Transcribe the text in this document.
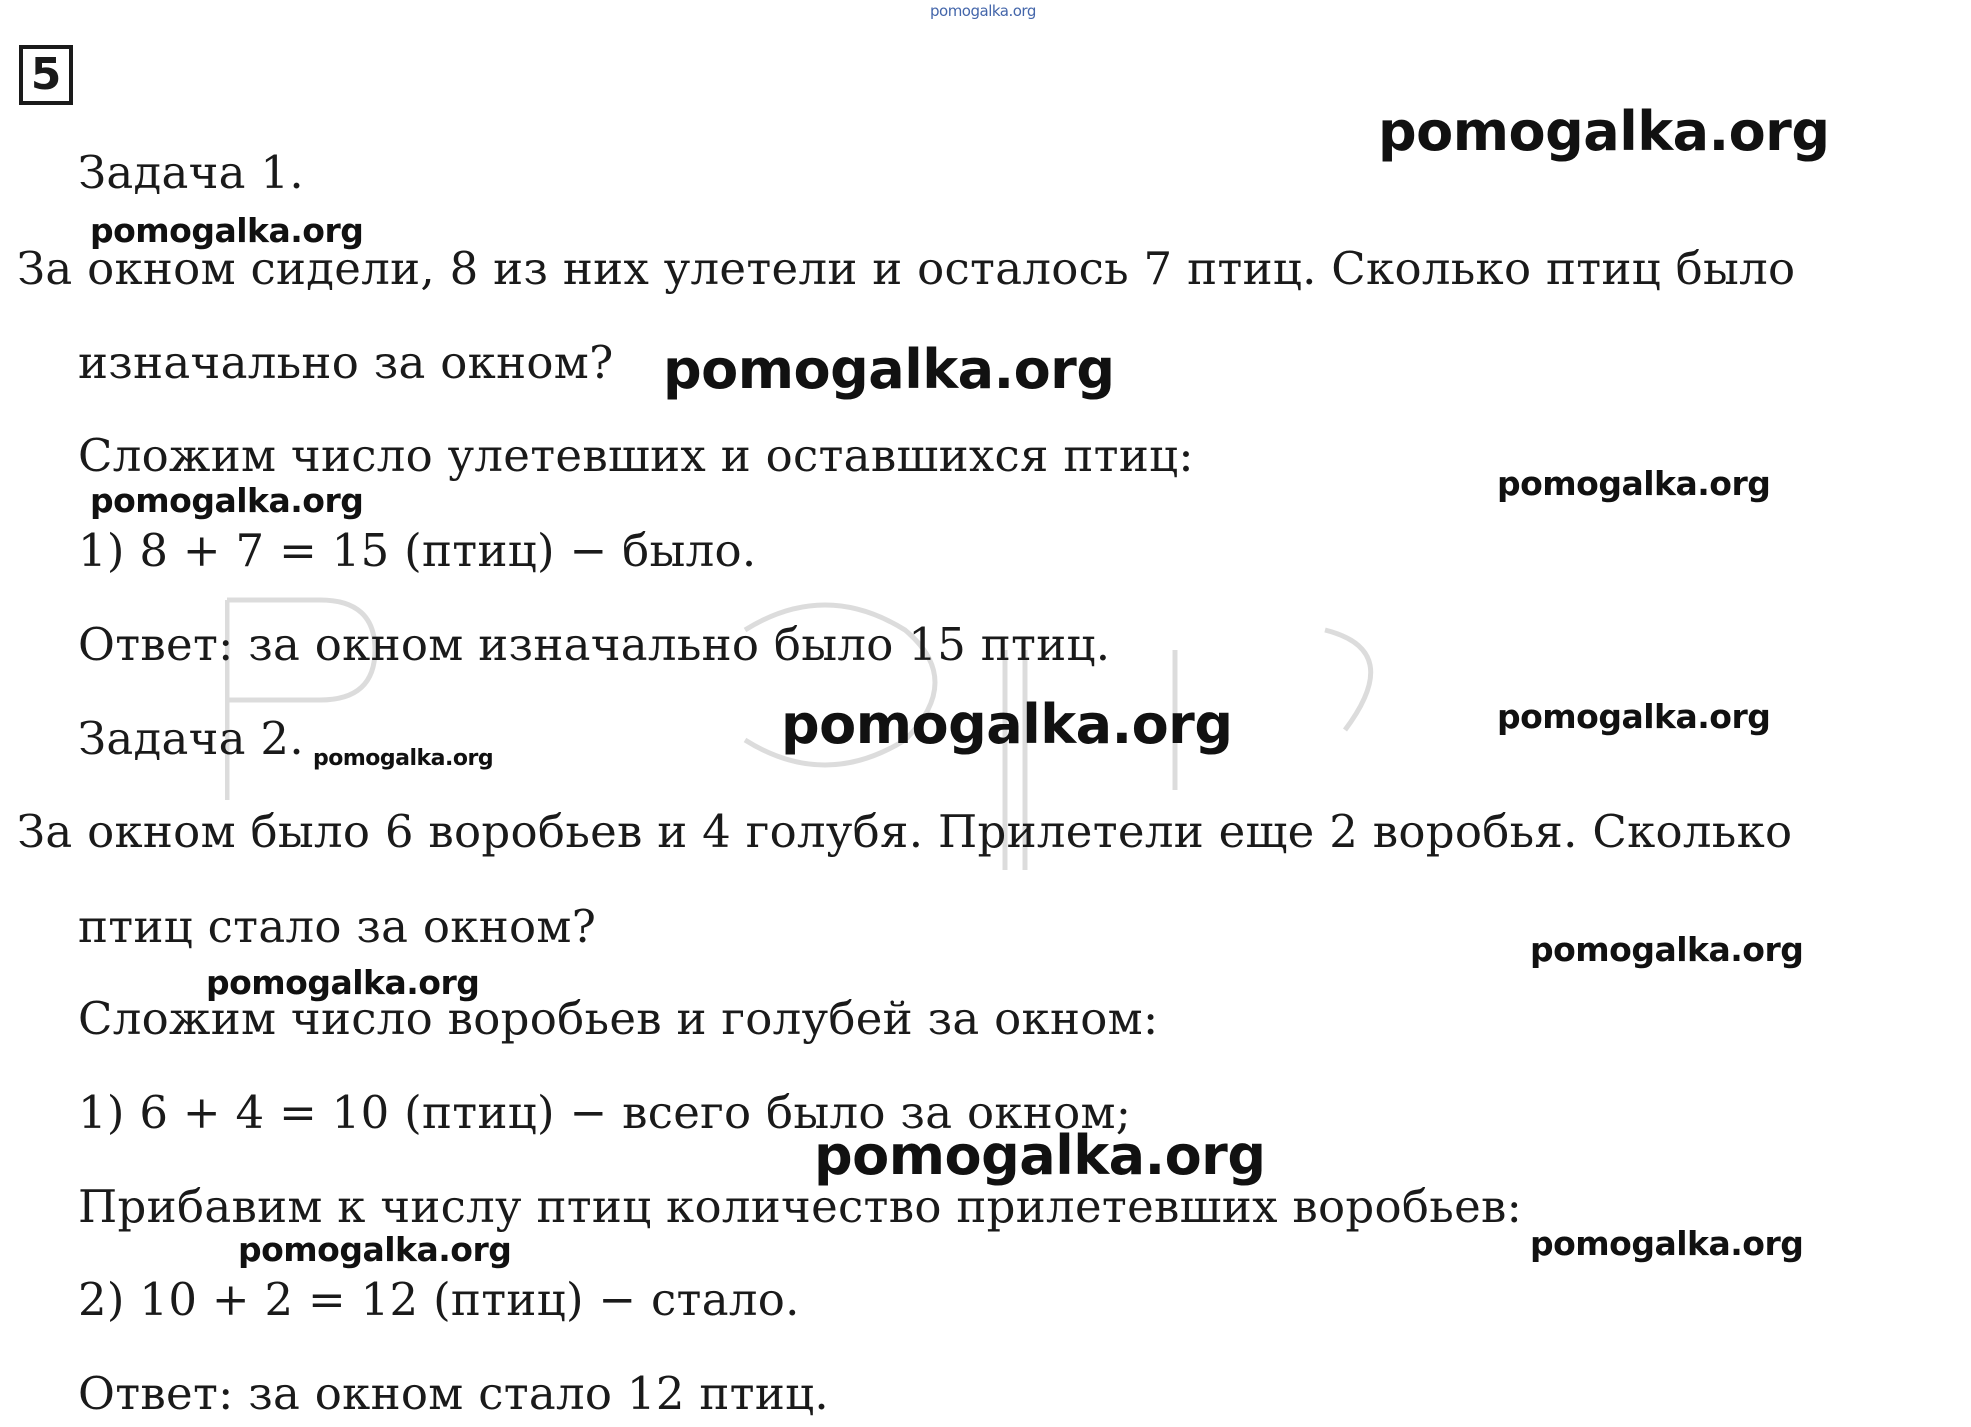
pomogalka.org
5
pomogalka.org
pomogalka.org
pomogalka.org
pomogalka.org
pomogalka.org
pomogalka.org	pomogalka.org
pomogalka.org
pomogalka.org
pomogalka.org
pomogalka.org
pomogalka.org
pomogalka.org
Задача 1.
За окном сидели, 8 из них улетели и осталось 7 птиц. Сколько птиц было
изначально за окном?
Сложим число улетевших и оставшихся птиц:
1) 8 + 7 = 15 (птиц) − было.
Ответ: за окном изначально было 15 птиц.
Задача 2.
За окном было 6 воробьев и 4 голубя. Прилетели еще 2 воробья. Сколько
птиц стало за окном?
Сложим число воробьев и голубей за окном:
1) 6 + 4 = 10 (птиц) − всего было за окном;
Прибавим к числу птиц количество прилетевших воробьев:
2) 10 + 2 = 12 (птиц) − стало.
Ответ: за окном стало 12 птиц.
